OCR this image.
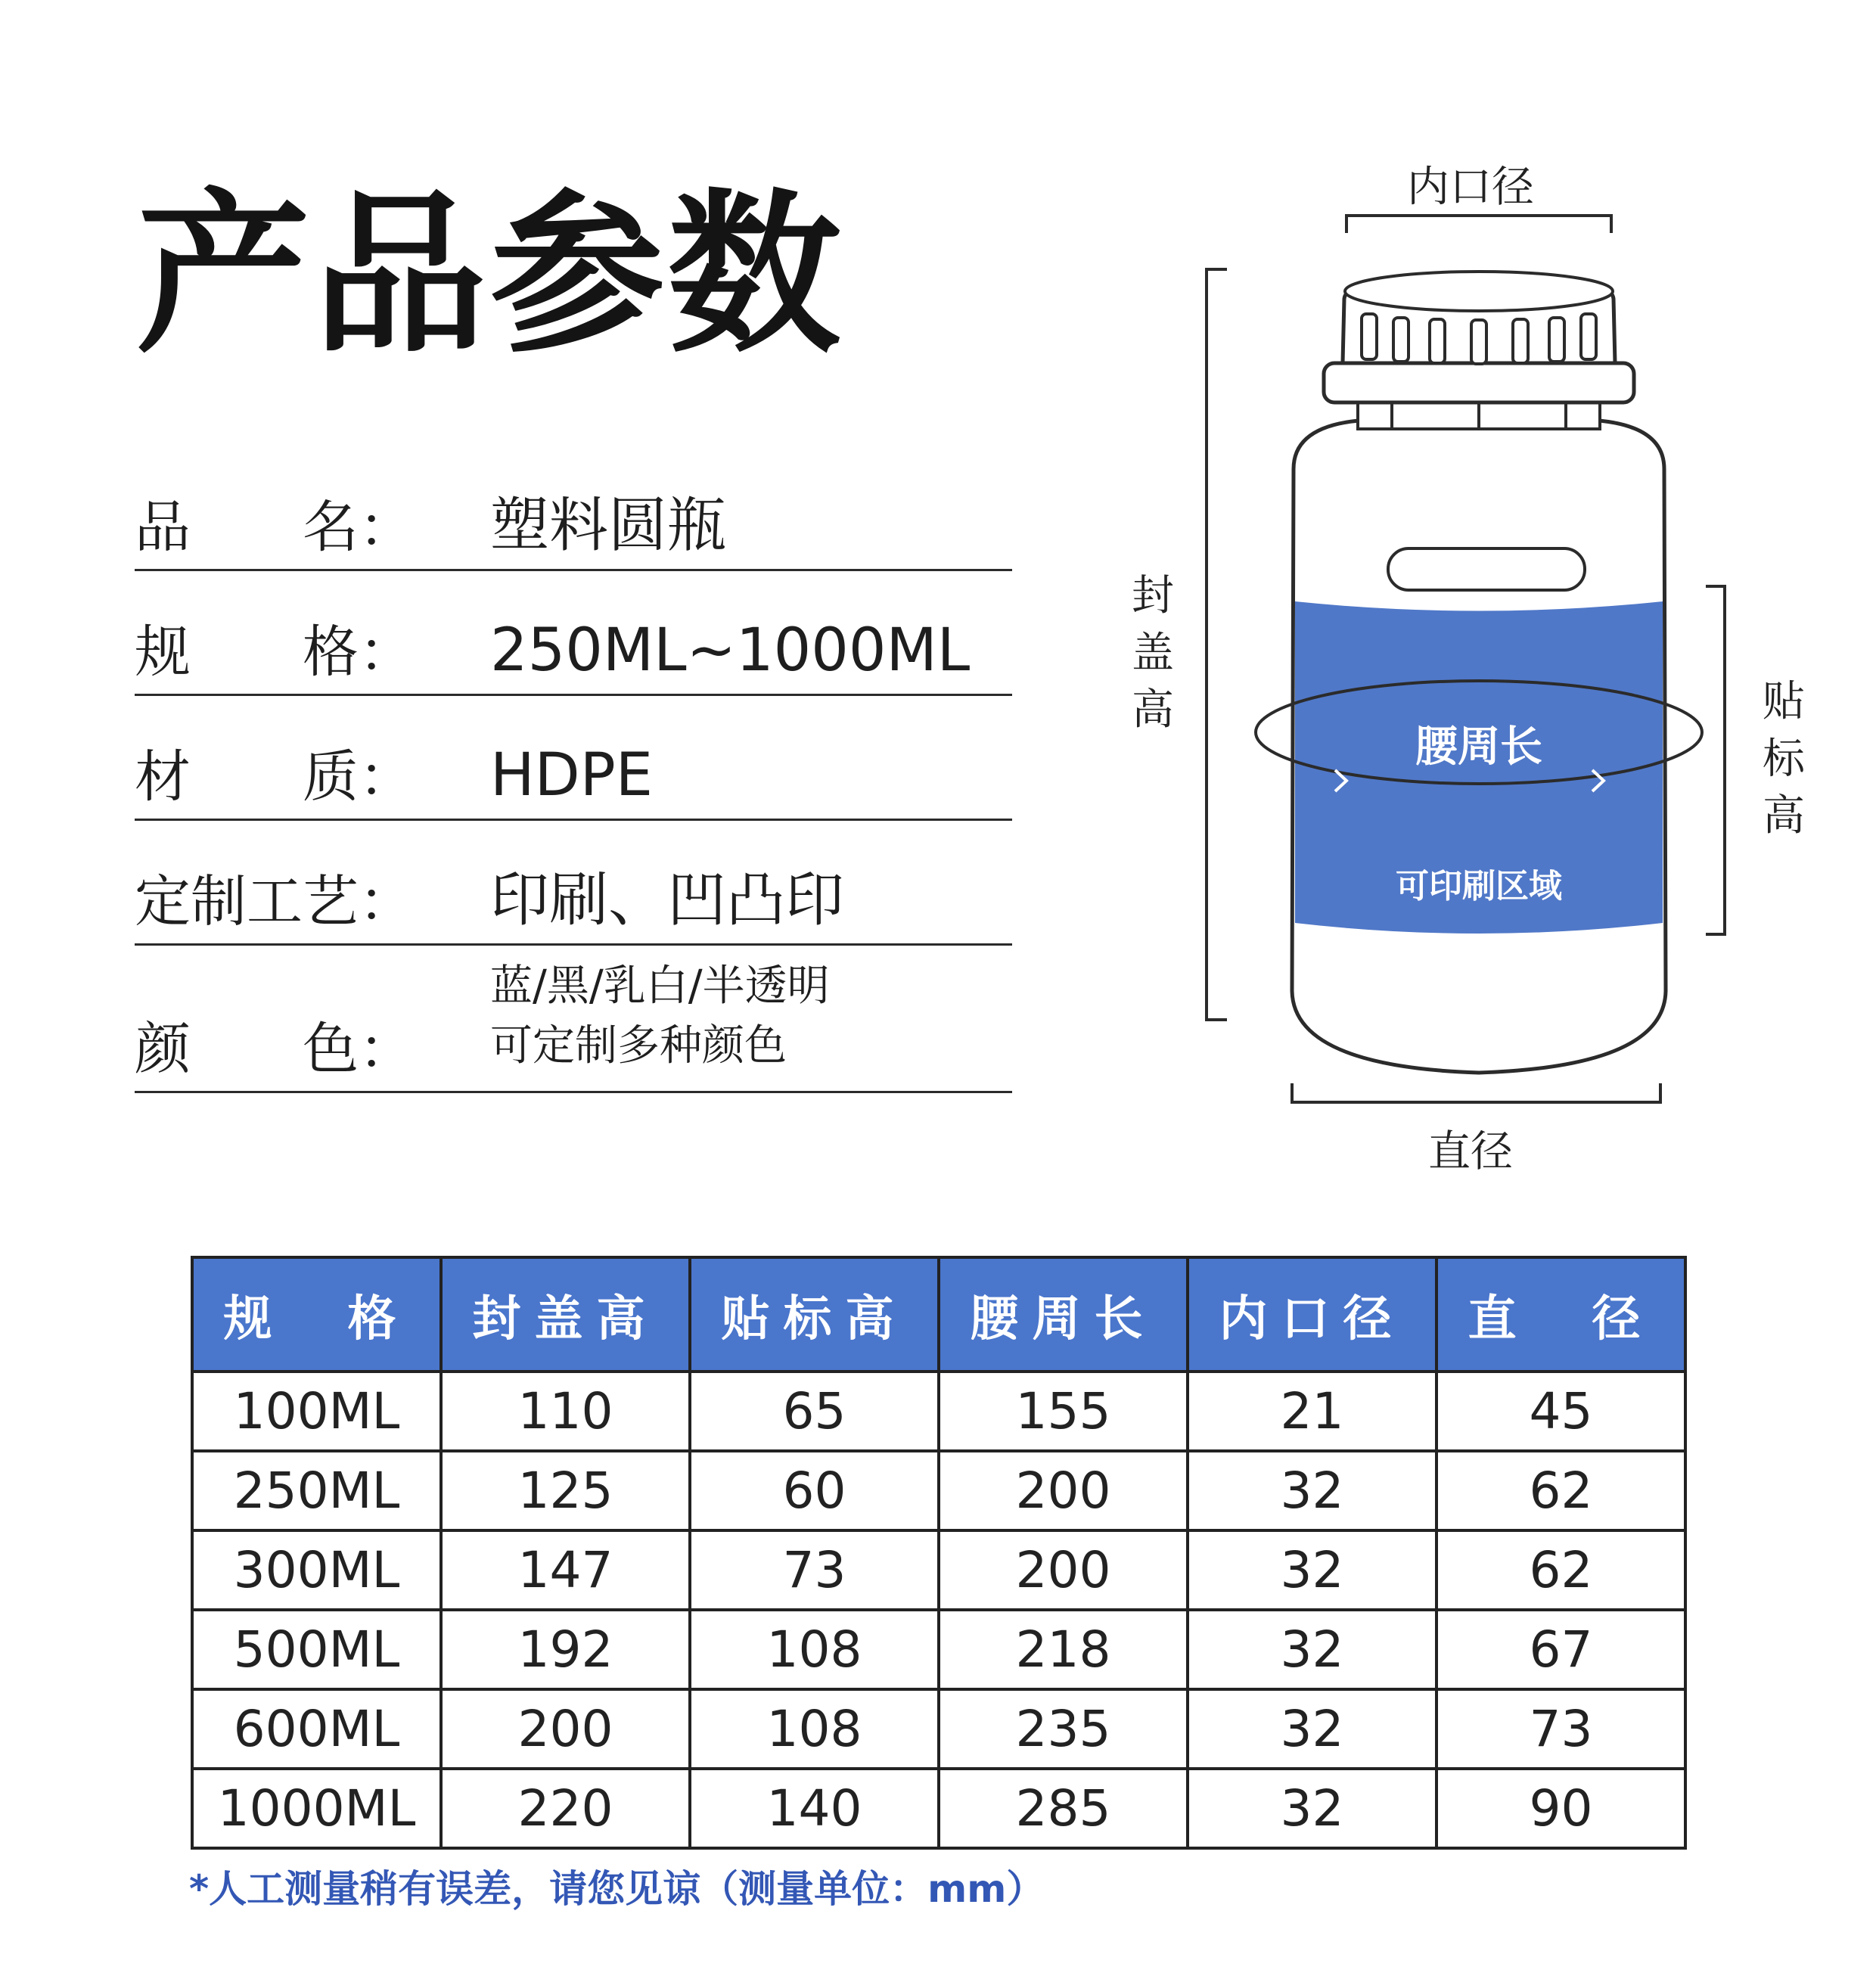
产品参数
品	名 ： 塑料圆瓶
规	格 ： 250ML~1000ML
材	质 ： HDPE
定制工艺 ： 印刷、凹凸印
颜	色 ：
蓝/黑/乳白/半透明
可定制多种颜色
内口径
封盖高	贴标高
腰周长
可印刷区域
直径
规　格	封盖高	贴标高	腰周长	内口径	直　径
100ML	110	65	155	21	45
250ML	125	60	200	32	62
300ML	147	73	200	32	62
500ML	192	108	218	32	67
600ML	200	108	235	32	73
1000ML	220	140	285	32	90
*人工测量稍有误差，请您见谅（测量单位：mm）
